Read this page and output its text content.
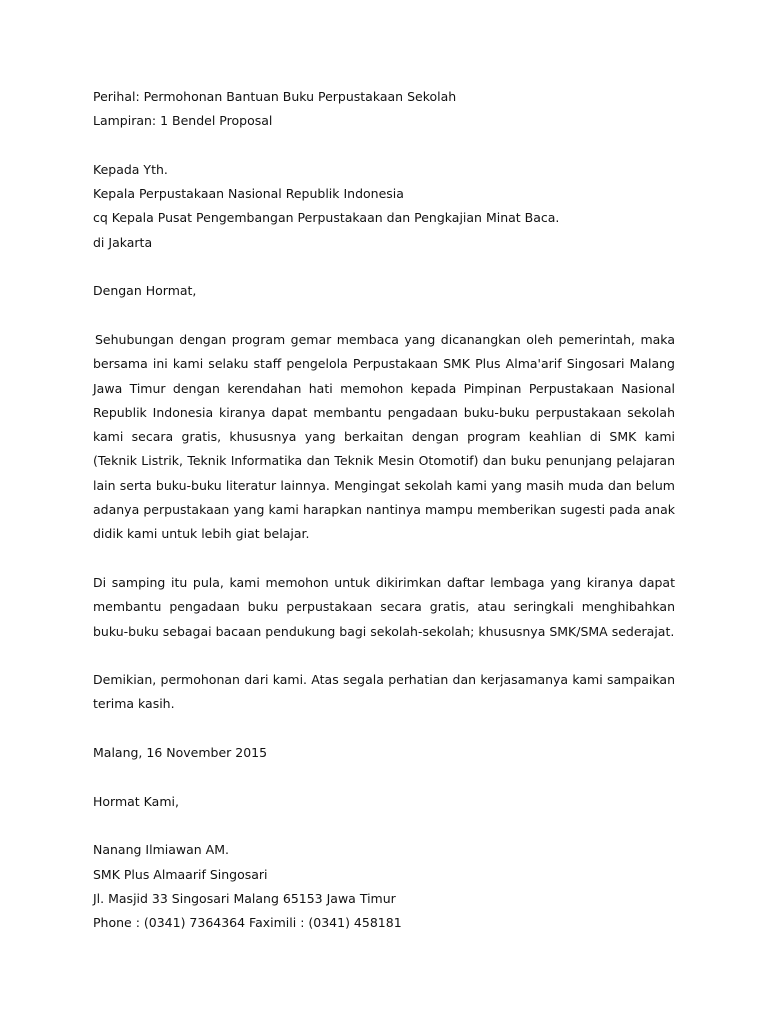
Perihal: Permohonan Bantuan Buku Perpustakaan Sekolah
Lampiran: 1 Bendel Proposal
Kepada Yth.
Kepala Perpustakaan Nasional Republik Indonesia
cq Kepala Pusat Pengembangan Perpustakaan dan Pengkajian Minat Baca.
di Jakarta
Dengan Hormat,

Sehubungan dengan program gemar membaca yang dicanangkan oleh pemerintah, maka bersama ini kami selaku staff pengelola Perpustakaan SMK Plus Alma'arif Singosari Malang Jawa Timur dengan kerendahan hati memohon kepada Pimpinan Perpustakaan Nasional Republik Indonesia kiranya dapat membantu pengadaan buku-buku perpustakaan sekolah kami secara gratis, khususnya yang berkaitan dengan program keahlian di SMK kami (Teknik Listrik, Teknik Informatika dan Teknik Mesin Otomotif) dan buku penunjang pelajaran lain serta buku-buku literatur lainnya. Mengingat sekolah kami yang masih muda dan belum adanya perpustakaan yang kami harapkan nantinya mampu memberikan sugesti pada anak didik kami untuk lebih giat belajar.

Di samping itu pula, kami memohon untuk dikirimkan daftar lembaga yang kiranya dapat membantu pengadaan buku perpustakaan secara gratis, atau seringkali menghibahkan buku-buku sebagai bacaan pendukung bagi sekolah-sekolah; khususnya SMK/SMA sederajat.

Demikian, permohonan dari kami. Atas segala perhatian dan kerjasamanya kami sampaikan terima kasih.

Malang, 16 November 2015
Hormat Kami,
Nanang Ilmiawan AM.
SMK Plus Almaarif Singosari
Jl. Masjid 33 Singosari Malang 65153 Jawa Timur
Phone : (0341) 7364364 Faximili : (0341) 458181
